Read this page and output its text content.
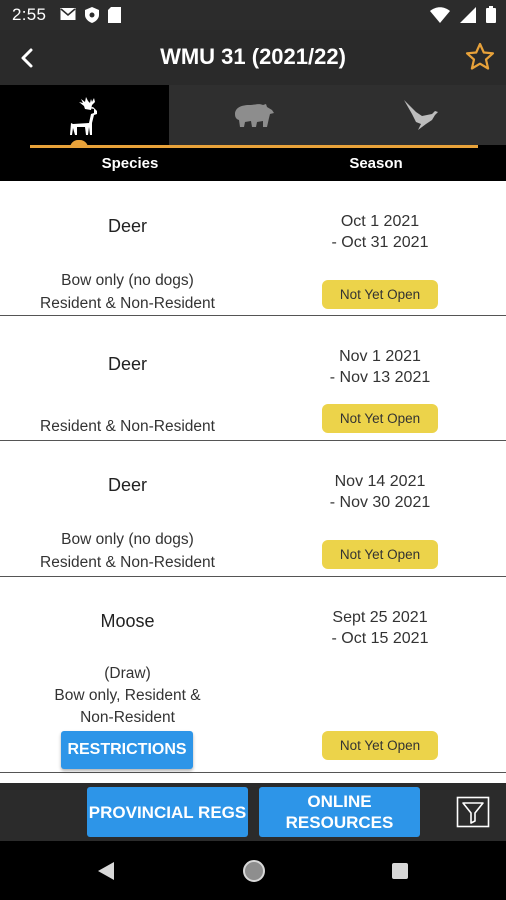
2:55
WMU 31 (2021/22)
Species	Season
Deer	Oct 1 2021
- Oct 31 2021
Bow only (no dogs)
Resident & Non-Resident
Not Yet Open
Deer	Nov 1 2021
- Nov 13 2021
Resident & Non-Resident	Not Yet Open
Deer	Nov 14 2021
- Nov 30 2021
Bow only (no dogs)
Resident & Non-Resident	Not Yet Open
Moose	Sept 25 2021
- Oct 15 2021
(Draw)
Bow only, Resident &
Non-Resident
RESTRICTIONS	Not Yet Open
PROVINCIAL REGS
ONLINE
RESOURCES
